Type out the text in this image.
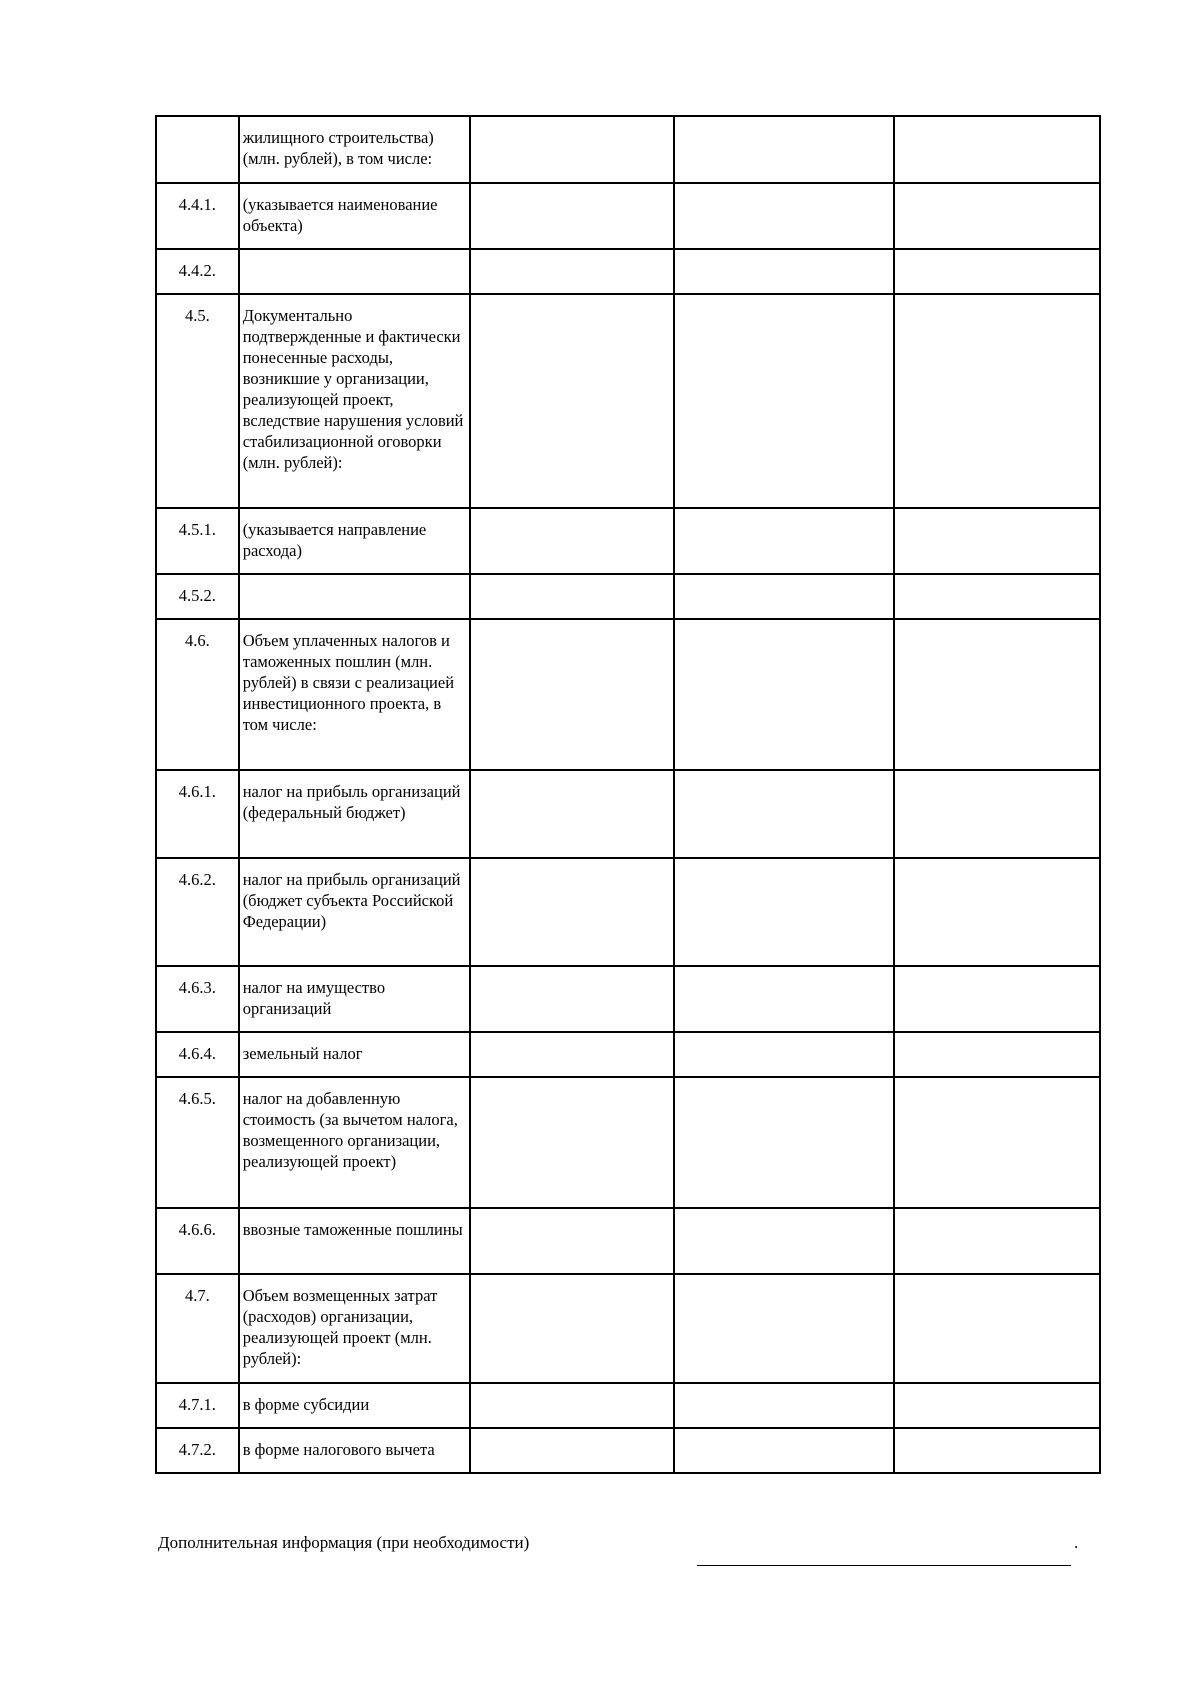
	жилищного строительства) (млн. рублей), в том числе:			
4.4.1.	(указывается наименование объекта)			
4.4.2.				
4.5.	Документально подтвержденные и фактически понесенные расходы, возникшие у организации, реализующей проект, вследствие нарушения условий стабилизационной оговорки (млн. рублей):			
4.5.1.	(указывается направление расхода)			
4.5.2.				
4.6.	Объем уплаченных налогов и таможенных пошлин (млн. рублей) в связи с реализацией инвестиционного проекта, в том числе:			
4.6.1.	налог на прибыль организаций (федеральный бюджет)			
4.6.2.	налог на прибыль организаций (бюджет субъекта Российской Федерации)			
4.6.3.	налог на имущество организаций			
4.6.4.	земельный налог			
4.6.5.	налог на добавленную стоимость (за вычетом налога, возмещенного организации, реализующей проект)			
4.6.6.	ввозные таможенные пошлины			
4.7.	Объем возмещенных затрат (расходов) организации, реализующей проект (млн. рублей):			
4.7.1.	в форме субсидии			
4.7.2.	в форме налогового вычета			
Дополнительная информация (при необходимости)	.
